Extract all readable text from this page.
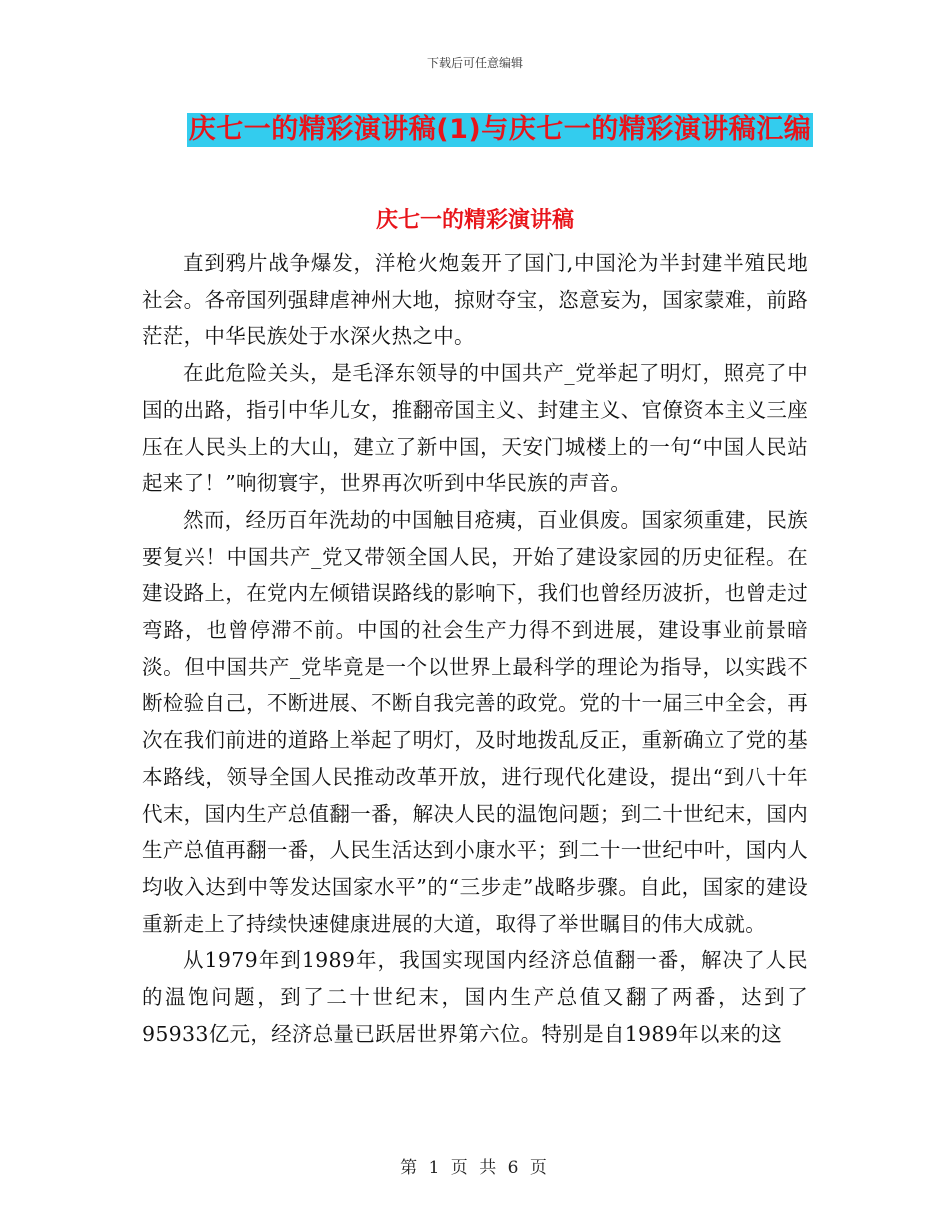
下载后可任意编辑
庆七一的精彩演讲稿(1)与庆七一的精彩演讲稿汇编
庆七一的精彩演讲稿

直到鸦片战争爆发，洋枪火炮轰开了国门,中国沦为半封建半殖民地社会。各帝国列强肆虐神州大地，掠财夺宝，恣意妄为，国家蒙难，前路茫茫，中华民族处于水深火热之中。

在此危险关头，是毛泽东领导的中国共产_党举起了明灯，照亮了中国的出路，指引中华儿女，推翻帝国主义、封建主义、官僚资本主义三座压在人民头上的大山，建立了新中国，天安门城楼上的一句“中国人民站起来了！”响彻寰宇，世界再次听到中华民族的声音。

然而，经历百年洗劫的中国触目疮痍，百业俱废。国家须重建，民族要复兴！中国共产_党又带领全国人民，开始了建设家园的历史征程。在建设路上，在党内左倾错误路线的影响下，我们也曾经历波折，也曾走过弯路，也曾停滞不前。中国的社会生产力得不到进展，建设事业前景暗淡。但中国共产_党毕竟是一个以世界上最科学的理论为指导，以实践不断检验自己，不断进展、不断自我完善的政党。党的十一届三中全会，再次在我们前进的道路上举起了明灯，及时地拨乱反正，重新确立了党的基本路线，领导全国人民推动改革开放，进行现代化建设，提出“到八十年代末，国内生产总值翻一番，解决人民的温饱问题；到二十世纪末，国内生产总值再翻一番，人民生活达到小康水平；到二十一世纪中叶，国内人均收入达到中等发达国家水平”的“三步走”战略步骤。自此，国家的建设重新走上了持续快速健康进展的大道，取得了举世瞩目的伟大成就。

从1979年到1989年，我国实现国内经济总值翻一番，解决了人民的温饱问题，到了二十世纪末，国内生产总值又翻了两番，达到了95933亿元，经济总量已跃居世界第六位。特别是自1989年以来的这

第 1 页 共 6 页
